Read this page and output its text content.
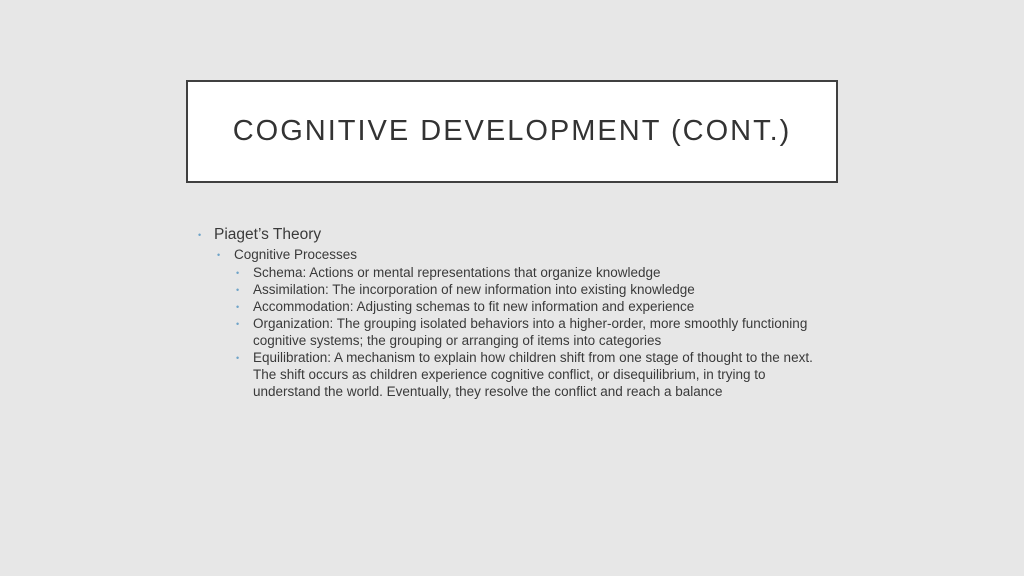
COGNITIVE DEVELOPMENT (CONT.)
• Piaget’s Theory
• Cognitive Processes
• Schema: Actions or mental representations that organize knowledge
• Assimilation: The incorporation of new information into existing knowledge
• Accommodation: Adjusting schemas to fit new information and experience
• Organization: The grouping isolated behaviors into a higher-order, more smoothly functioning cognitive systems; the grouping or arranging of items into categories
• Equilibration: A mechanism to explain how children shift from one stage of thought to the next. The shift occurs as children experience cognitive conflict, or disequilibrium, in trying to understand the world. Eventually, they resolve the conflict and reach a balance
